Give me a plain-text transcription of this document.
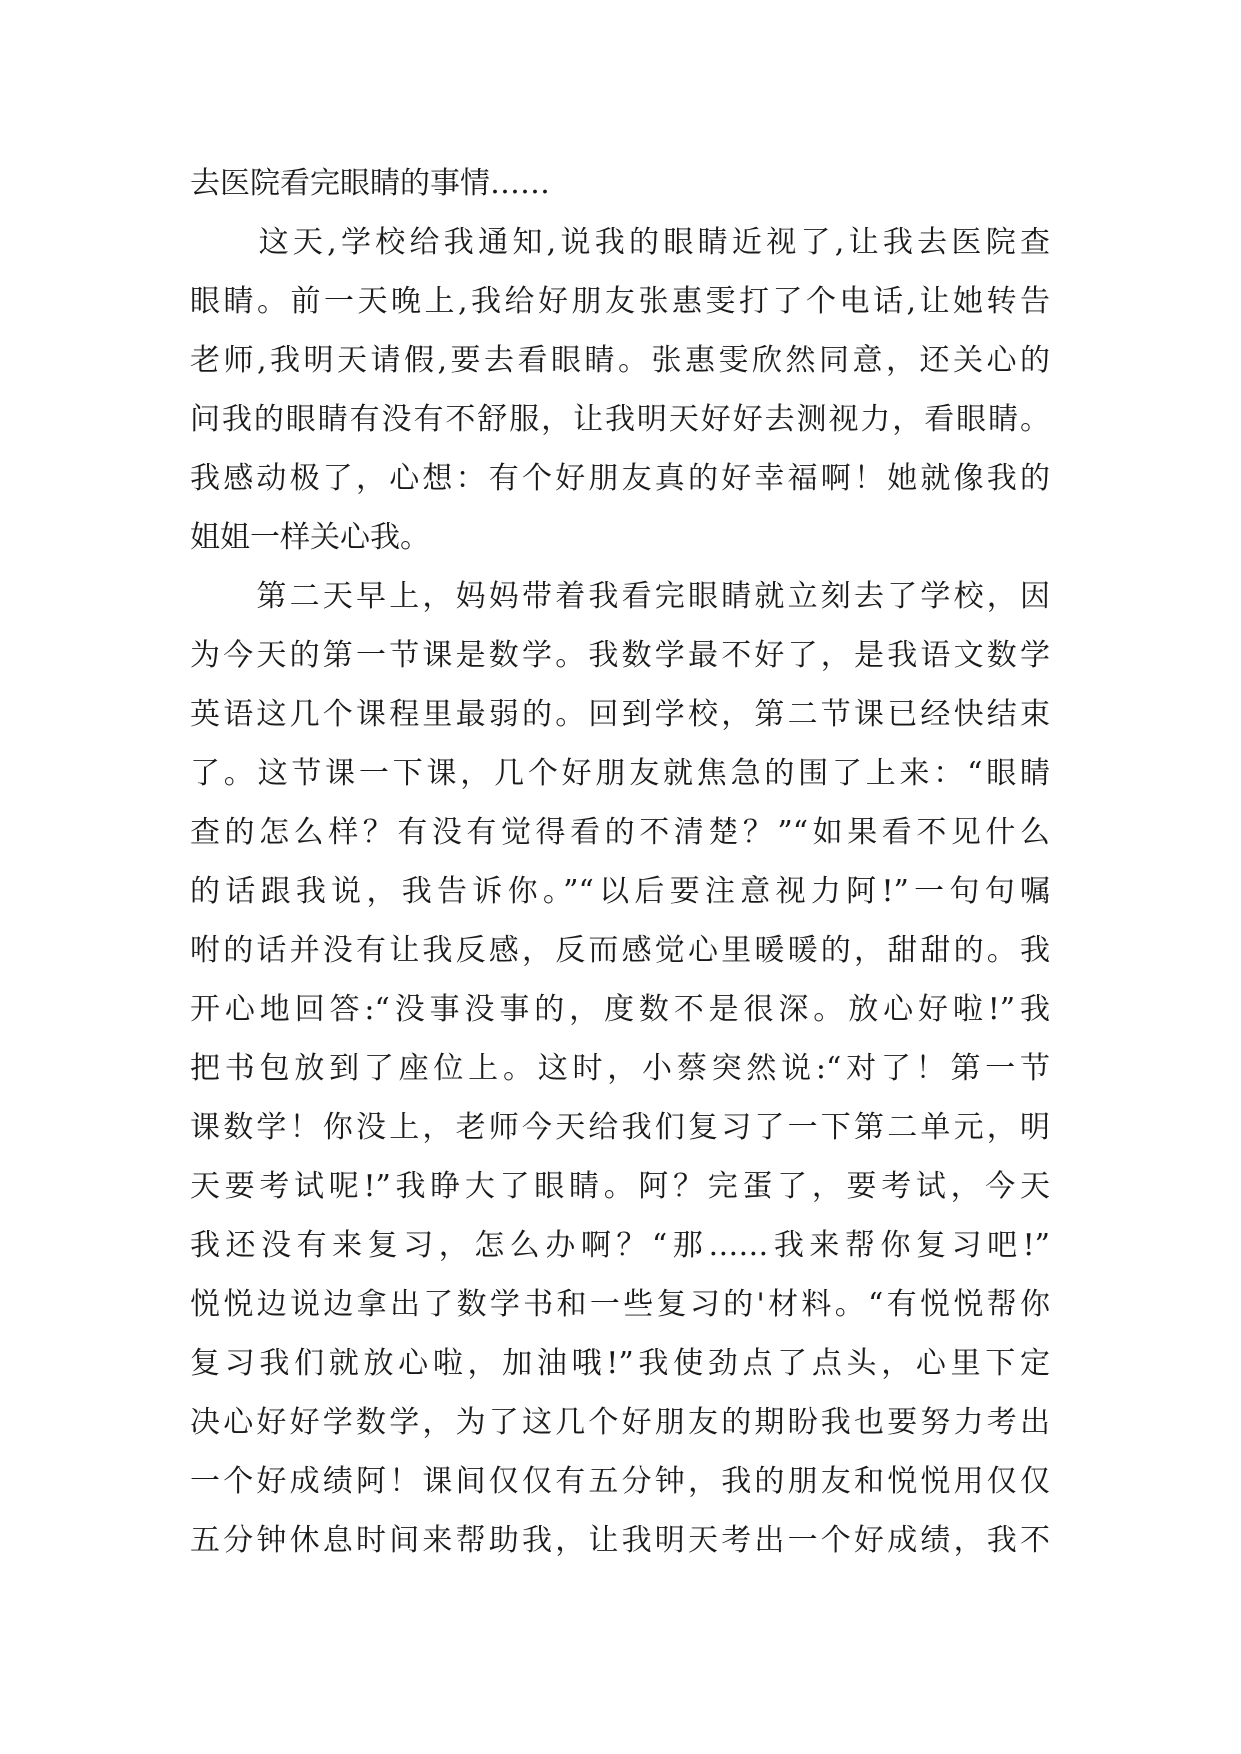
去医院看完眼睛的事情……
　　这天,学校给我通知,说我的眼睛近视了,让我去医院查
眼睛。前一天晚上,我给好朋友张惠雯打了个电话,让她转告
老师,我明天请假,要去看眼睛。张惠雯欣然同意，还关心的
问我的眼睛有没有不舒服，让我明天好好去测视力，看眼睛。
我感动极了，心想：有个好朋友真的好幸福啊！她就像我的
姐姐一样关心我。
　　第二天早上，妈妈带着我看完眼睛就立刻去了学校，因
为今天的第一节课是数学。我数学最不好了，是我语文数学
英语这几个课程里最弱的。回到学校，第二节课已经快结束
了。这节课一下课，几个好朋友就焦急的围了上来：“眼睛
查的怎么样？有没有觉得看的不清楚？”“如果看不见什么
的话跟我说，我告诉你。”“以后要注意视力阿!”一句句嘱
咐的话并没有让我反感，反而感觉心里暖暖的，甜甜的。我
开心地回答:“没事没事的，度数不是很深。放心好啦!”我
把书包放到了座位上。这时，小蔡突然说:“对了！第一节
课数学！你没上，老师今天给我们复习了一下第二单元，明
天要考试呢!”我睁大了眼睛。阿？完蛋了，要考试，今天
我还没有来复习，怎么办啊？“那……我来帮你复习吧!”
悦悦边说边拿出了数学书和一些复习的'材料。“有悦悦帮你
复习我们就放心啦，加油哦!”我使劲点了点头，心里下定
决心好好学数学，为了这几个好朋友的期盼我也要努力考出
一个好成绩阿！课间仅仅有五分钟，我的朋友和悦悦用仅仅
五分钟休息时间来帮助我，让我明天考出一个好成绩，我不
